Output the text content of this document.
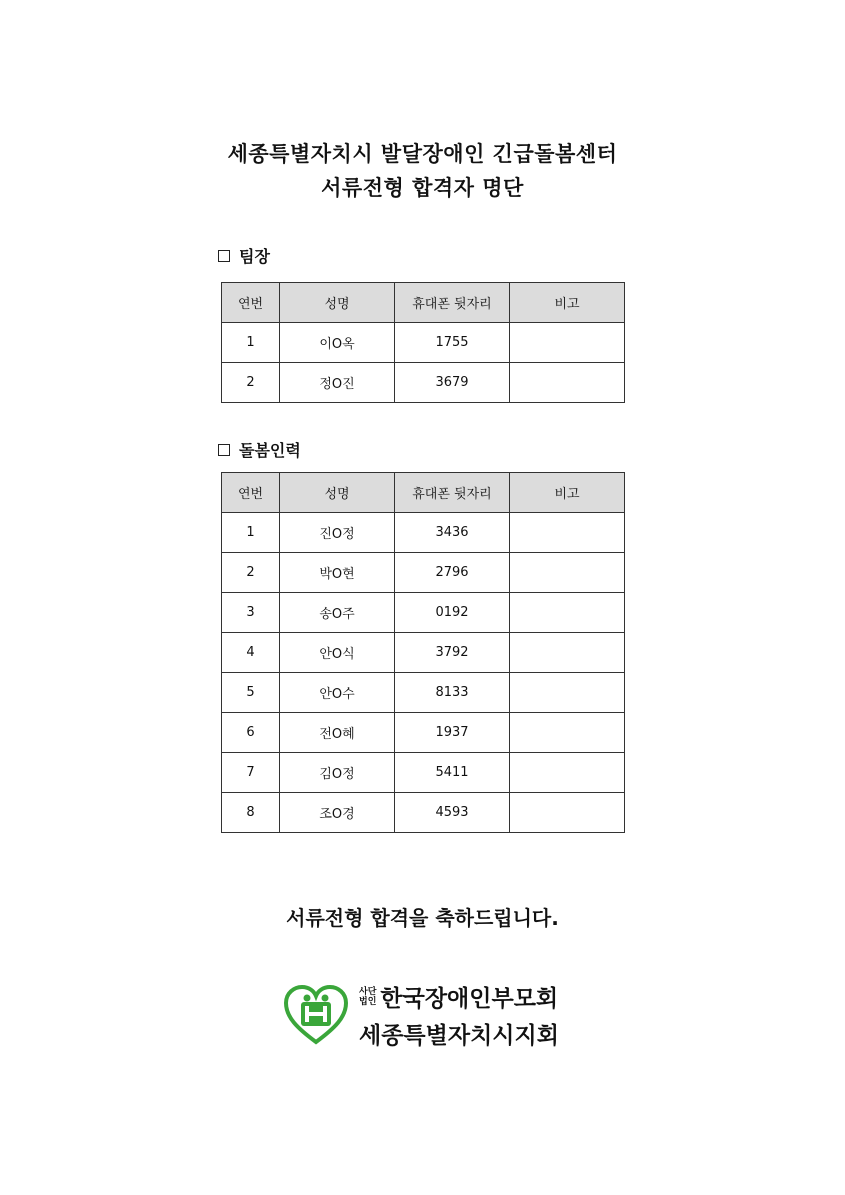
세종특별자치시 발달장애인 긴급돌봄센터
서류전형 합격자 명단
팀장
연번	성명	휴대폰 뒷자리	비고
1	이O옥	1755	
2	정O진	3679	
돌봄인력
연번	성명	휴대폰 뒷자리	비고
1	진O정	3436	
2	박O현	2796	
3	송O주	0192	
4	안O식	3792	
5	안O수	8133	
6	전O혜	1937	
7	김O정	5411	
8	조O경	4593	
서류전형 합격을 축하드립니다.
사단
법인 한국장애인부모회
세종특별자치시지회
